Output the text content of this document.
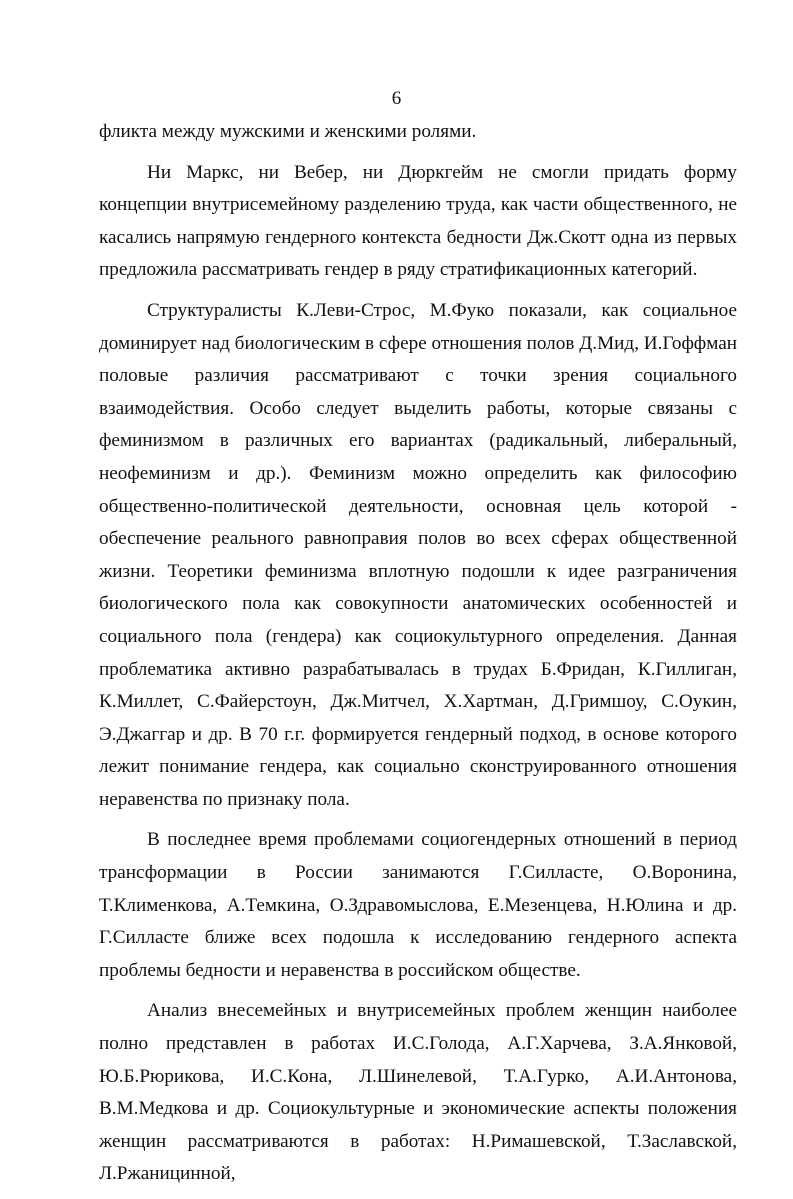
6

фликта между мужскими и женскими ролями.

Ни Маркс, ни Вебер, ни Дюркгейм не смогли придать форму концепции внутрисемейному разделению труда, как части общественного, не касались напрямую гендерного контекста бедности Дж.Скотт одна из первых предложила рассматривать гендер в ряду стратификационных категорий.

Структуралисты К.Леви-Строс, М.Фуко показали, как социальное доминирует над биологическим в сфере отношения полов Д.Мид, И.Гоффман половые различия рассматривают с точки зрения социального взаимодействия. Особо следует выделить работы, которые связаны с феминизмом в различных его вариантах (радикальный, либеральный, неофеминизм и др.). Феминизм можно определить как философию общественно-политической деятельности, основная цель которой - обеспечение реального равноправия полов во всех сферах общественной жизни. Теоретики феминизма вплотную подошли к идее разграничения биологического пола как совокупности анатомических особенностей и социального пола (гендера) как социокультурного определения. Данная проблематика активно разрабатывалась в трудах Б.Фридан, К.Гиллиган, К.Миллет, С.Файерстоун, Дж.Митчел, Х.Хартман, Д.Гримшоу, С.Оукин, Э.Джаггар и др. В 70 г.г. формируется гендерный подход, в основе которого лежит понимание гендера, как социально сконструированного отношения неравенства по признаку пола.

В последнее время проблемами социогендерных отношений в период трансформации в России занимаются Г.Силласте, О.Воронина, Т.Клименкова, А.Темкина, О.Здравомыслова, Е.Мезенцева, Н.Юлина и др. Г.Силласте ближе всех подошла к исследованию гендерного аспекта проблемы бедности и неравенства в российском обществе.

Анализ внесемейных и внутрисемейных проблем женщин наиболее полно представлен в работах И.С.Голода, А.Г.Харчева, З.А.Янковой, Ю.Б.Рюрикова, И.С.Кона, Л.Шинелевой, Т.А.Гурко, А.И.Антонова, В.М.Медкова и др. Социокультурные и экономические аспекты положения женщин рассматриваются в работах: Н.Римашевской, Т.Заславской, Л.Ржаницинной,
